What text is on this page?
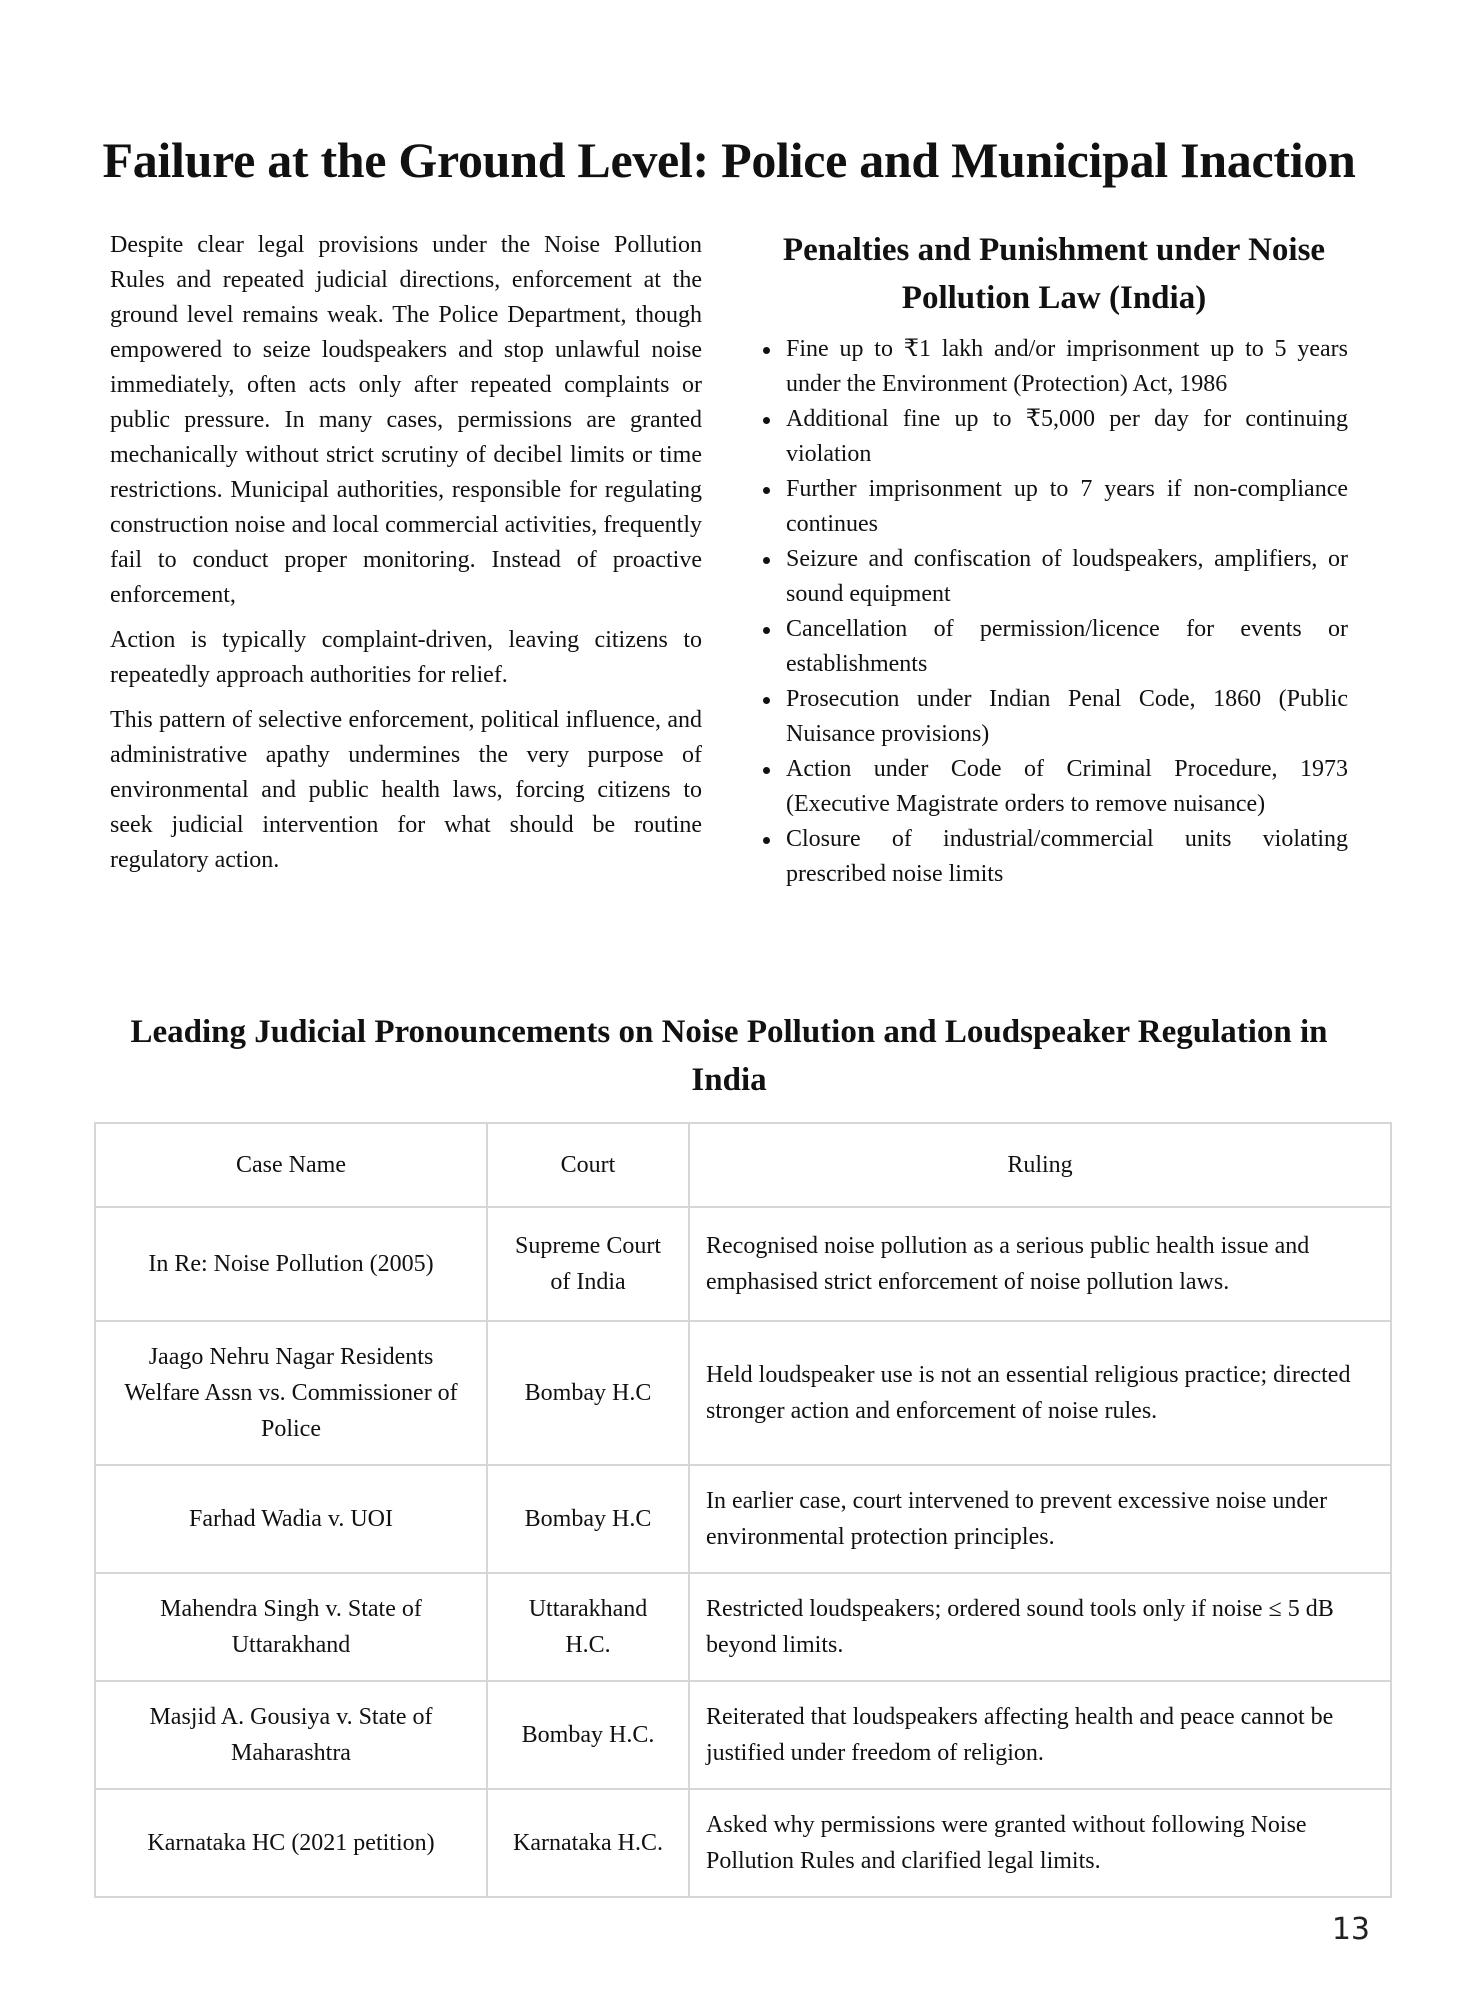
Failure at the Ground Level: Police and Municipal Inaction

Despite clear legal provisions under the Noise Pollution Rules and repeated judicial directions, enforcement at the ground level remains weak. The Police Department, though empowered to seize loudspeakers and stop unlawful noise immediately, often acts only after repeated complaints or public pressure. In many cases, permissions are granted mechanically without strict scrutiny of decibel limits or time restrictions. Municipal authorities, responsible for regulating construction noise and local commercial activities, frequently fail to conduct proper monitoring. Instead of proactive enforcement,

Action is typically complaint-driven, leaving citizens to repeatedly approach authorities for relief.

This pattern of selective enforcement, political influence, and administrative apathy undermines the very purpose of environmental and public health laws, forcing citizens to seek judicial intervention for what should be routine regulatory action.

Penalties and Punishment under Noise Pollution Law (India)
Fine up to ₹1 lakh and/or imprisonment up to 5 years under the Environment (Protection) Act, 1986
Additional fine up to ₹5,000 per day for continuing violation
Further imprisonment up to 7 years if non-compliance continues
Seizure and confiscation of loudspeakers, amplifiers, or sound equipment
Cancellation of permission/licence for events or establishments
Prosecution under Indian Penal Code, 1860 (Public Nuisance provisions)
Action under Code of Criminal Procedure, 1973 (Executive Magistrate orders to remove nuisance)
Closure of industrial/commercial units violating prescribed noise limits
Leading Judicial Pronouncements on Noise Pollution and Loudspeaker Regulation in India
Case Name	Court	Ruling
In Re: Noise Pollution (2005)	Supreme Court of India	Recognised noise pollution as a serious public health issue and emphasised strict enforcement of noise pollution laws.
Jaago Nehru Nagar Residents Welfare Assn vs. Commissioner of Police	Bombay H.C	Held loudspeaker use is not an essential religious practice; directed stronger action and enforcement of noise rules.
Farhad Wadia v. UOI	Bombay H.C	In earlier case, court intervened to prevent excessive noise under environmental protection principles.
Mahendra Singh v. State of Uttarakhand	Uttarakhand H.C.	Restricted loudspeakers; ordered sound tools only if noise ≤ 5 dB beyond limits.
Masjid A. Gousiya v. State of Maharashtra	Bombay H.C.	Reiterated that loudspeakers affecting health and peace cannot be justified under freedom of religion.
Karnataka HC (2021 petition)	Karnataka H.C.	Asked why permissions were granted without following Noise Pollution Rules and clarified legal limits.
13
